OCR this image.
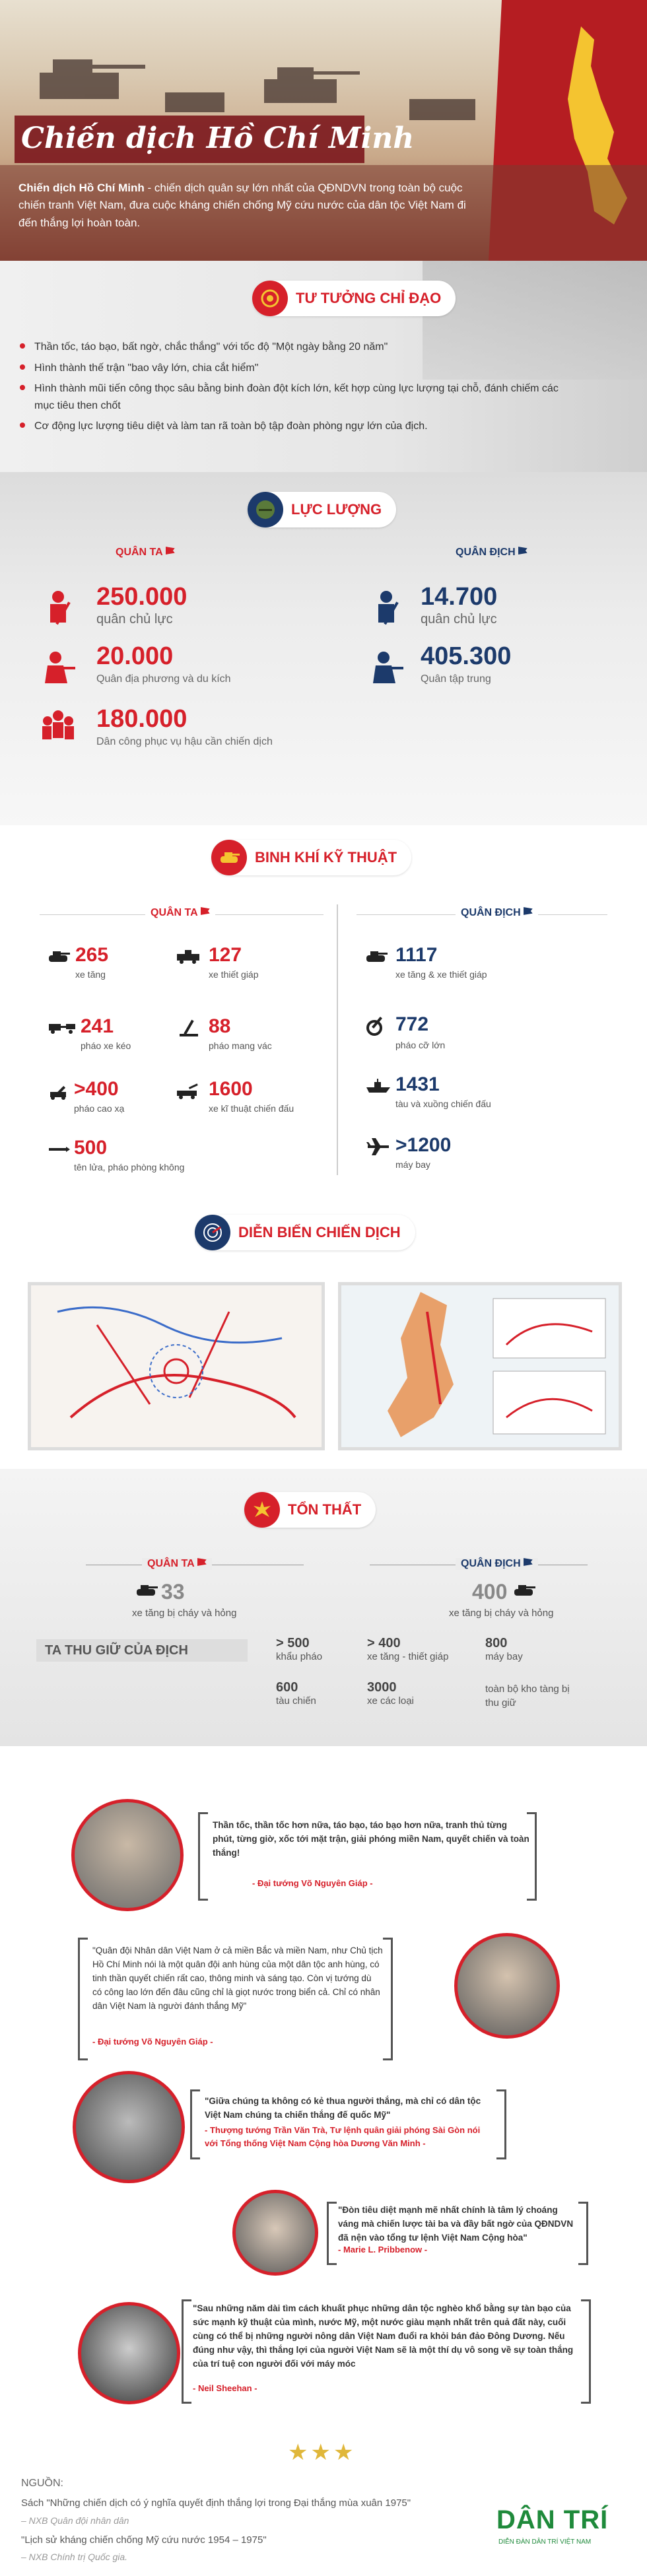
Chiến dịch Hồ Chí Minh
Chiến dịch Hồ Chí Minh - chiến dịch quân sự lớn nhất của QĐNDVN trong toàn bộ cuộc chiến tranh Việt Nam, đưa cuộc kháng chiến chống Mỹ cứu nước của dân tộc Việt Nam đi đến thắng lợi hoàn toàn.
TƯ TƯỞNG CHỈ ĐẠO
Thần tốc, táo bạo, bất ngờ, chắc thắng" với tốc độ "Một ngày bằng 20 năm"
Hình thành thế trận "bao vây lớn, chia cắt hiểm"
Hình thành mũi tiến công thọc sâu bằng binh đoàn đột kích lớn, kết hợp cùng lực lượng tại chỗ, đánh chiếm các mục tiêu then chốt
Cơ động lực lượng tiêu diệt và làm tan rã toàn bộ tập đoàn phòng ngự lớn của địch.
LỰC LƯỢNG
QUÂN TA	QUÂN ĐỊCH
250.000
quân chủ lực
20.000
Quân địa phương và du kích
180.000
Dân công phục vụ hậu cần chiến dịch
14.700
quân chủ lực
405.300
Quân tập trung
BINH KHÍ KỸ THUẬT
QUÂN TA	QUÂN ĐỊCH
265
xe tăng
127
xe thiết giáp
241
pháo xe kéo
88
pháo mang vác
>400
pháo cao xạ
1600
xe kĩ thuật chiến đấu
500
tên lửa, pháo phòng không
1117
xe tăng & xe thiết giáp
772
pháo cỡ lớn
1431
tàu và xuồng chiến đấu
>1200
máy bay
DIỄN BIẾN CHIẾN DỊCH
TỔN THẤT
QUÂN TA	QUÂN ĐỊCH
33
xe tăng bị cháy và hỏng
400
xe tăng bị cháy và hỏng
TA THU GIỮ CỦA ĐỊCH	> 500
khẩu pháo
> 400
xe tăng - thiết giáp
800
máy bay
600
tàu chiến
3000
xe các loại
toàn bộ kho tàng bị thu giữ
Thần tốc, thần tốc hơn nữa, táo bạo, táo bạo hơn nữa, tranh thủ từng phút, từng giờ, xốc tới mặt trận, giải phóng miền Nam, quyết chiến và toàn thắng!
- Đại tướng Võ Nguyên Giáp -
"Quân đội Nhân dân Việt Nam ở cả miền Bắc và miền Nam, như Chủ tịch Hồ Chí Minh nói là một quân đội anh hùng của một dân tộc anh hùng, có tinh thần quyết chiến rất cao, thông minh và sáng tạo. Còn vị tướng dù có công lao lớn đến đâu cũng chỉ là giọt nước trong biển cả. Chỉ có nhân dân Việt Nam là người đánh thắng Mỹ"
- Đại tướng Võ Nguyên Giáp -
"Giữa chúng ta không có kẻ thua người thắng, mà chỉ có dân tộc Việt Nam chúng ta chiến thắng đế quốc Mỹ"
- Thượng tướng Trần Văn Trà, Tư lệnh quân giải phóng Sài Gòn nói với Tổng thống Việt Nam Cộng hòa Dương Văn Minh -
"Đòn tiêu diệt mạnh mẽ nhất chính là tâm lý choáng váng mà chiến lược tài ba và đầy bất ngờ của QĐNDVN đã nện vào tổng tư lệnh Việt Nam Cộng hòa"
- Marie L. Pribbenow -
"Sau những năm dài tìm cách khuất phục những dân tộc nghèo khổ bằng sự tàn bạo của sức mạnh kỹ thuật của mình, nước Mỹ, một nước giàu mạnh nhất trên quả đất này, cuối cùng có thể bị những người nông dân Việt Nam đuổi ra khỏi bán đảo Đông Dương. Nếu đúng như vậy, thì thắng lợi của người Việt Nam sẽ là một thí dụ vô song về sự toàn thắng của trí tuệ con người đối với máy móc
- Neil Sheehan -
★★★
NGUỒN:
Sách "Những chiến dịch có ý nghĩa quyết định thắng lợi trong Đại thắng mùa xuân 1975"
– NXB Quân đội nhân dân
"Lịch sử kháng chiến chống Mỹ cứu nước 1954 – 1975"
– NXB Chính trị Quốc gia.
DÂN TRÍ
DIỄN ĐÀN DÂN TRÍ VIỆT NAM
